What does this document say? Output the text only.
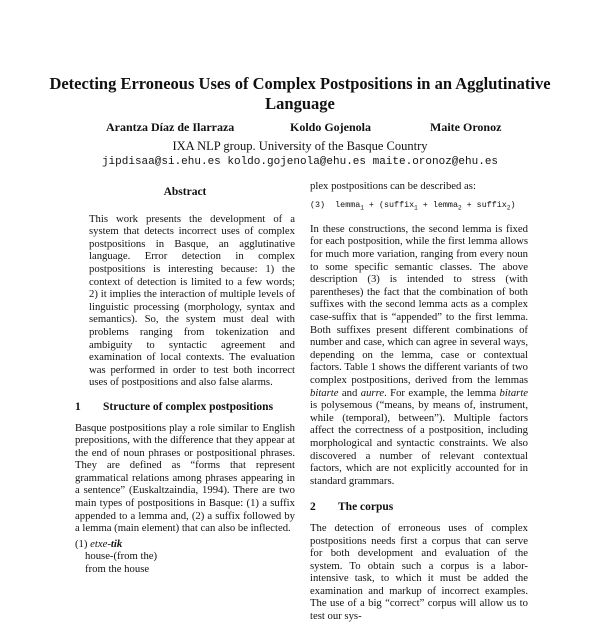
Detecting Erroneous Uses of Complex Postpositions in an Agglutinative Language
Arantza Díaz de Ilarraza	Koldo Gojenola	Maite Oronoz
IXA NLP group. University of the Basque Country
jipdisaa@si.ehu.es koldo.gojenola@ehu.es maite.oronoz@ehu.es
Abstract

This work presents the development of a system that detects incorrect uses of complex postpositions in Basque, an agglutinative language. Error detection in complex postpositions is interesting because: 1) the context of detection is limited to a few words; 2) it implies the interaction of multiple levels of linguistic processing (morphology, syntax and semantics). So, the system must deal with problems ranging from tokenization and ambiguity to syntactic agreement and examination of local contexts. The evaluation was performed in order to test both incorrect uses of postpositions and also false alarms.

1	Structure of complex postpositions

Basque postpositions play a role similar to English prepositions, with the difference that they appear at the end of noun phrases or postpositional phrases. They are defined as “forms that represent grammatical relations among phrases appearing in a sentence” (Euskaltzaindia, 1994). There are two main types of postpositions in Basque: (1) a suffix appended to a lemma and, (2) a suffix followed by a lemma (main element) that can also be inflected.

(1) etxe-tik
house-(from the)
from the house

plex postpositions can be described as:

(3) lemma$_1$ + (suffix$_1$ + lemma$_2$ + suffix$_2$)

In these constructions, the second lemma is fixed for each postposition, while the first lemma allows for much more variation, ranging from every noun to some specific semantic classes. The above description (3) is intended to stress (with parentheses) the fact that the combination of both suffixes with the second lemma acts as a complex case-suffix that is “appended” to the first lemma. Both suffixes present different combinations of number and case, which can agree in several ways, depending on the lemma, case or contextual factors. Table 1 shows the different variants of two complex postpositions, derived from the lemmas bitarte and aurre. For example, the lemma bitarte is polysemous (“means, by means of, instrument, while (temporal), between”). Multiple factors affect the correctness of a postposition, including morphological and syntactic constraints. We also discovered a number of relevant contextual factors, which are not explicitly accounted for in standard grammars.

2	The corpus

The detection of erroneous uses of complex postpositions needs first a corpus that can serve for both development and evaluation of the system. To obtain such a corpus is a labor-intensive task, to which it must be added the examination and markup of incorrect examples. The use of a big “correct” corpus will allow us to test our sys-
